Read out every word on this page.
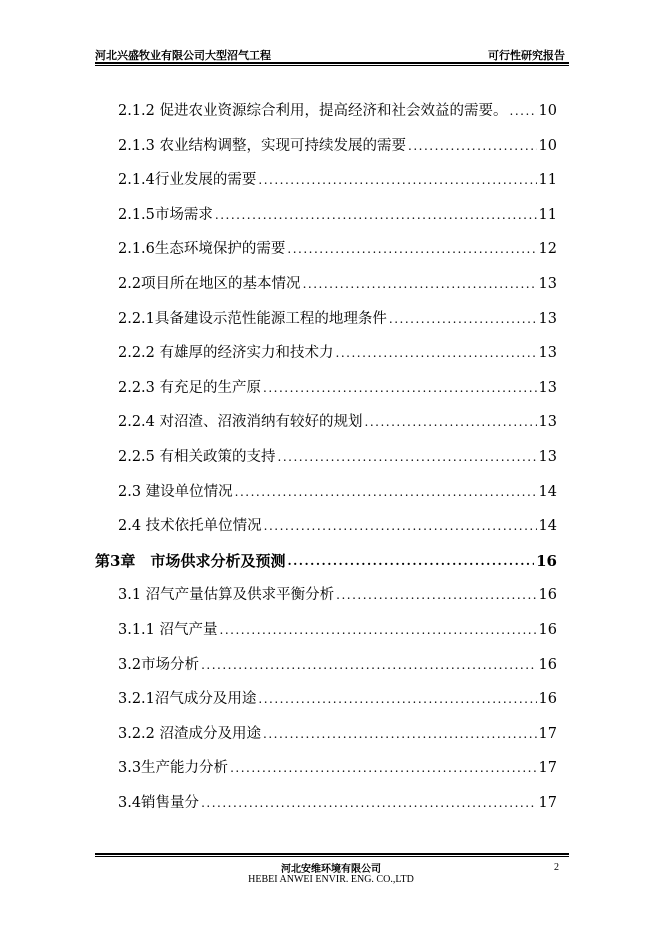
河北兴盛牧业有限公司大型沼气工程	可行性研究报告
2.1.2 促进农业资源综合利用，提高经济和社会效益的需要。 ..... 10
2.1.3 农业结构调整，实现可持续发展的需要 .....	10
2.1.4行业发展的需要 .....	11
2.1.5市场需求 .....	11
2.1.6生态环境保护的需要 .....	12
2.2项目所在地区的基本情况 .....	13
2.2.1具备建设示范性能源工程的地理条件 .....	13
2.2.2 有雄厚的经济实力和技术力 .....	13
2.2.3 有充足的生产原 .....	13
2.2.4 对沼渣、沼液消纳有较好的规划 .....	13
2.2.5 有相关政策的支持 .....	13
2.3 建设单位情况 .....	14
2.4 技术依托单位情况 .....	14
第3章　市场供求分析及预测 .....	16
3.1 沼气产量估算及供求平衡分析 .....	16
3.1.1 沼气产量 .....	16
3.2市场分析 .....	16
3.2.1沼气成分及用途 .....	16
3.2.2 沼渣成分及用途 .....	17
3.3生产能力分析 .....	17
3.4销售量分 .....	17
河北安维环境有限公司
HEBEI ANWEI ENVIR. ENG. CO.,LTD
2
